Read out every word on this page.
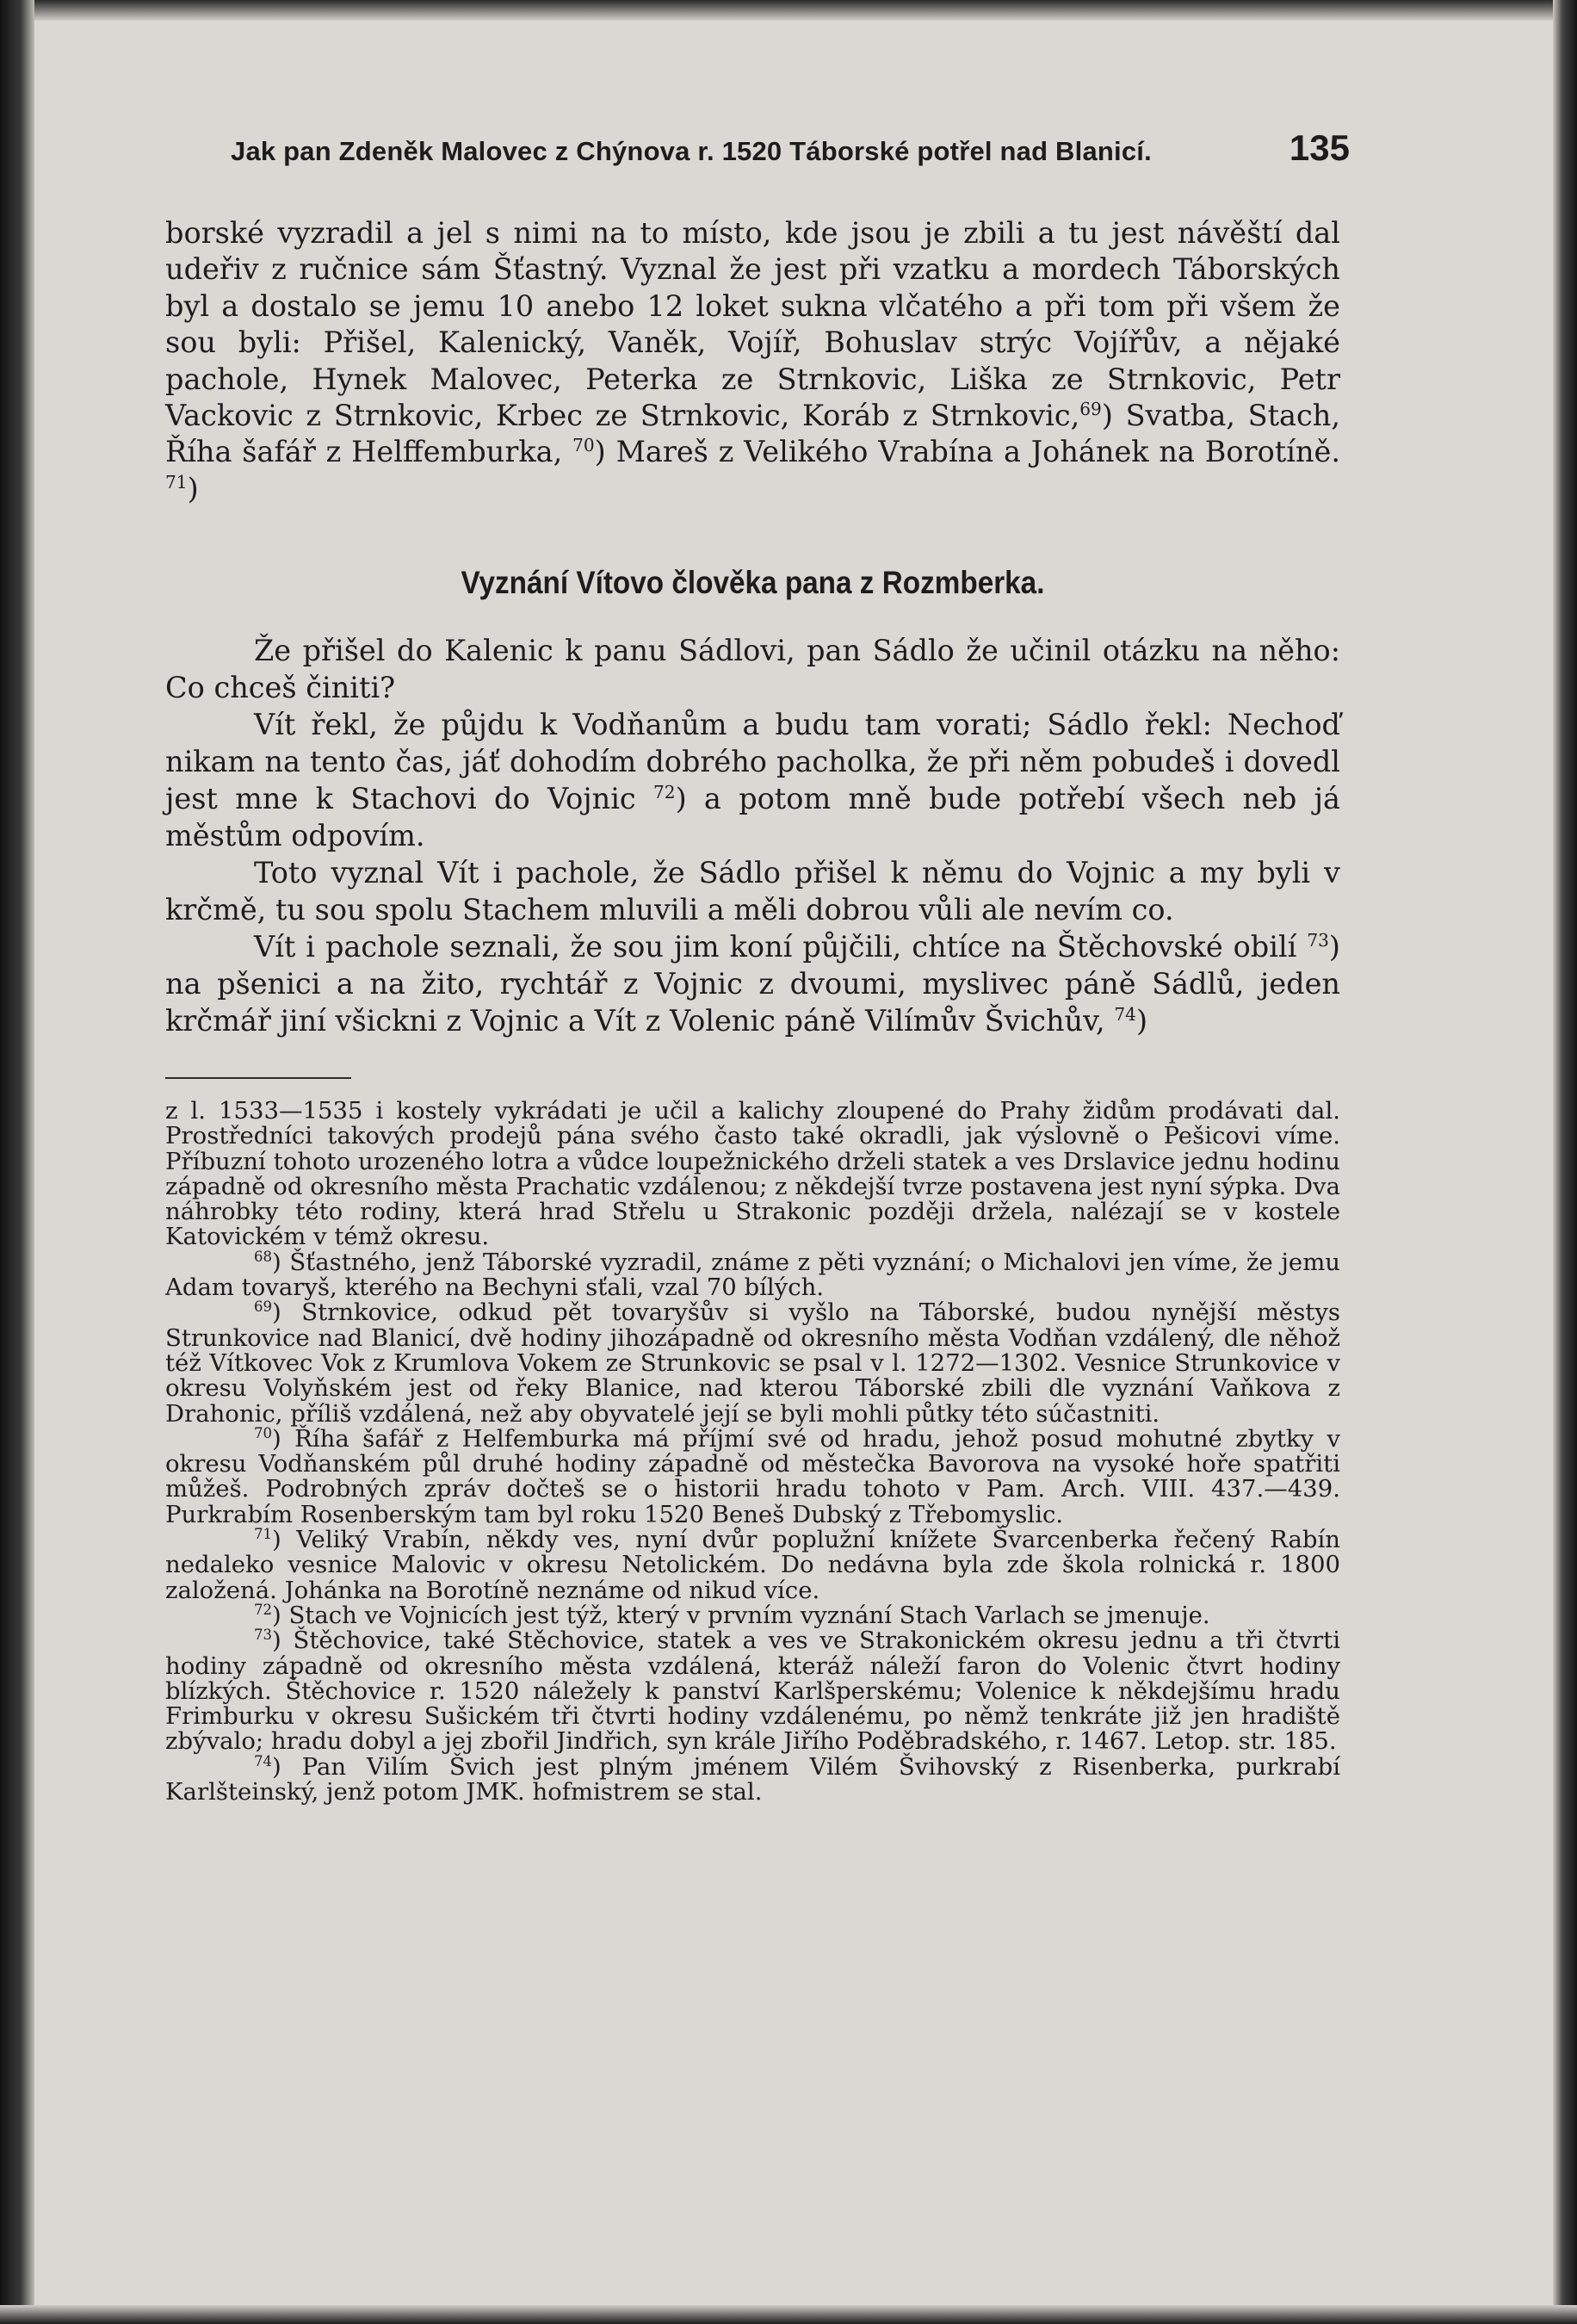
Jak pan Zdeněk Malovec z Chýnova r. 1520 Táborské potřel nad Blanicí.	135

borské vyzradil a jel s nimi na to místo, kde jsou je zbili a tu jest návěští dal udeřiv z ručnice sám Šťastný. Vyznal že jest při vzatku a mordech Táborských byl a dostalo se jemu 10 anebo 12 loket sukna vlčatého a při tom při všem že sou byli: Přišel, Kalenický, Vaněk, Vojíř, Bohuslav strýc Vojířův, a nějaké pachole, Hynek Malovec, Peterka ze Strnkovic, Liška ze Strnkovic, Petr Vackovic z Strnkovic, Krbec ze Strnkovic, Koráb z Strnkovic,$^{69}$) Svatba, Stach, Říha šafář z Helffemburka, $^{70}$) Mareš z Velikého Vrabína a Johánek na Borotíně. $^{71}$)

Vyznání Vítovo člověka pana z Rozmberka.

Že přišel do Kalenic k panu Sádlovi, pan Sádlo že učinil otázku na něho: Co chceš činiti?

Vít řekl, že půjdu k Vodňanům a budu tam vorati; Sádlo řekl: Nechoď nikam na tento čas, jáť dohodím dobrého pacholka, že při něm pobudeš i dovedl jest mne k Stachovi do Vojnic $^{72}$) a potom mně bude potřebí všech neb já městům odpovím.

Toto vyznal Vít i pachole, že Sádlo přišel k němu do Vojnic a my byli v krčmě, tu sou spolu Stachem mluvili a měli dobrou vůli ale nevím co.

Vít i pachole seznali, že sou jim koní půjčili, chtíce na Štěchovské obilí $^{73}$) na pšenici a na žito, rychtář z Vojnic z dvoumi, myslivec páně Sádlů, jeden krčmář jiní všickni z Vojnic a Vít z Volenic páně Vilímův Švichův, $^{74}$)

z l. 1533—1535 i kostely vykrádati je učil a kalichy zloupené do Prahy židům prodávati dal. Prostředníci takových prodejů pána svého často také okradli, jak výslovně o Pešicovi víme. Příbuzní tohoto urozeného lotra a vůdce loupežnického drželi statek a ves Drslavice jednu hodinu západně od okresního města Prachatic vzdálenou; z někdejší tvrze postavena jest nyní sýpka. Dva náhrobky této rodiny, která hrad Střelu u Strakonic později držela, nalézají se v kostele Katovickém v témž okresu.

$^{68}$) Šťastného, jenž Táborské vyzradil, známe z pěti vyznání; o Michalovi jen víme, že jemu Adam tovaryš, kterého na Bechyni sťali, vzal 70 bílých.

$^{69}$) Strnkovice, odkud pět tovaryšův si vyšlo na Táborské, budou nynější městys Strunkovice nad Blanicí, dvě hodiny jihozápadně od okresního města Vodňan vzdálený, dle něhož též Vítkovec Vok z Krumlova Vokem ze Strunkovic se psal v l. 1272—1302. Vesnice Strunkovice v okresu Volyňském jest od řeky Blanice, nad kterou Táborské zbili dle vyznání Vaňkova z Drahonic, příliš vzdálená, než aby obyvatelé její se byli mohli půtky této súčastniti.

$^{70}$) Říha šafář z Helfemburka má příjmí své od hradu, jehož posud mohutné zbytky v okresu Vodňanském půl druhé hodiny západně od městečka Bavorova na vysoké hoře spatřiti můžeš. Podrobných zpráv dočteš se o historii hradu tohoto v Pam. Arch. VIII. 437.—439. Purkrabím Rosenberským tam byl roku 1520 Beneš Dubský z Třebomyslic.

$^{71}$) Veliký Vrabín, někdy ves, nyní dvůr poplužní knížete Švarcenberka řečený Rabín nedaleko vesnice Malovic v okresu Netolickém. Do nedávna byla zde škola rolnická r. 1800 založená. Johánka na Borotíně neznáme od nikud více.

$^{72}$) Stach ve Vojnicích jest týž, který v prvním vyznání Stach Varlach se jmenuje.

$^{73}$) Štěchovice, také Stěchovice, statek a ves ve Strakonickém okresu jednu a tři čtvrti hodiny západně od okresního města vzdálená, kteráž náleží faron do Volenic čtvrt hodiny blízkých. Štěchovice r. 1520 náležely k panství Karlšperskému; Volenice k někdejšímu hradu Frimburku v okresu Sušickém tři čtvrti hodiny vzdálenému, po němž tenkráte již jen hradiště zbývalo; hradu dobyl a jej zbořil Jindřich, syn krále Jiřího Poděbradského, r. 1467. Letop. str. 185.

$^{74}$) Pan Vilím Švich jest plným jménem Vilém Švihovský z Risenberka, purkrabí Karlšteinský, jenž potom JMK. hofmistrem se stal.
